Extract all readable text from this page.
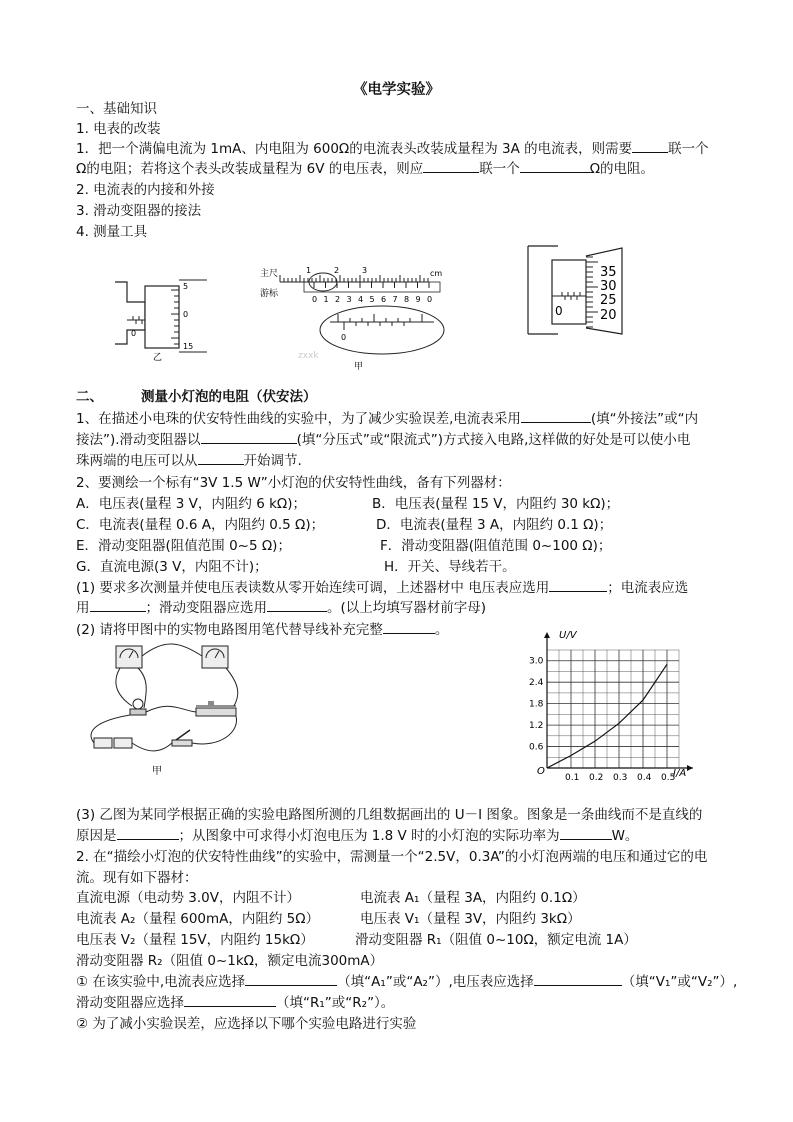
《电学实验》
一、基础知识
1. 电表的改装
1．把一个满偏电流为 1mA、内电阻为 600Ω的电流表头改装成量程为 3A 的电流表，则需要	联一个
Ω的电阻；若将这个表头改装成量程为 6V 的电压表，则应	联一个	Ω的电阻。
2. 电流表的内接和外接
3. 滑动变阻器的接法
4. 测量工具
5
0
15
0
乙
主尺
游标
1	2	3	cm
0 1 2 3 4 5 6 7 8 9 0
0
甲
zxxk
35
30
25
20
0
二、	测量小灯泡的电阻（伏安法）
1、在描述小电珠的伏安特性曲线的实验中，为了减少实验误差,电流表采用	(填“外接法”或“内
接法”).滑动变阻器以	(填“分压式”或“限流式”)方式接入电路,这样做的好处是可以使小电
珠两端的电压可以从	开始调节.
2、要测绘一个标有“3V 1.5 W”小灯泡的伏安特性曲线，备有下列器材：
A．电压表(量程 3 V，内阻约 6 kΩ)；	B．电压表(量程 15 V，内阻约 30 kΩ)；
C．电流表(量程 0.6 A，内阻约 0.5 Ω)；	D．电流表(量程 3 A，内阻约 0.1 Ω)；
E．滑动变阻器(阻值范围 0~5 Ω)；	F．滑动变阻器(阻值范围 0~100 Ω)；
G．直流电源(3 V，内阻不计)；	H．开关、导线若干。
(1) 要求多次测量并使电压表读数从零开始连续可调，上述器材中 电压表应选用	；电流表应选
用	；滑动变阻器应选用	。(以上均填写器材前字母)
(2) 请将甲图中的实物电路图用笔代替导线补充完整	。
甲
0.1 0.2 0.3 0.4 0.5
0.6
1.2
1.8
2.4
3.0
U/V
I/A
O
(3) 乙图为某同学根据正确的实验电路图所测的几组数据画出的 U－I 图象。图象是一条曲线而不是直线的
原因是	；从图象中可求得小灯泡电压为 1.8 V 时的小灯泡的实际功率为	W。
2. 在“描绘小灯泡的伏安特性曲线”的实验中，需测量一个“2.5V，0.3A”的小灯泡两端的电压和通过它的电
流。现有如下器材：
直流电源（电动势 3.0V，内阻不计）	电流表 A₁（量程 3A，内阻约 0.1Ω）
电流表 A₂（量程 600mA，内阻约 5Ω）	电压表 V₁（量程 3V，内阻约 3kΩ）
电压表 V₂（量程 15V，内阻约 15kΩ）	滑动变阻器 R₁（阻值 0~10Ω，额定电流 1A）
滑动变阻器 R₂（阻值 0~1kΩ，额定电流300mA）
① 在该实验中,电流表应选择	（填“A₁”或“A₂”）,电压表应选择	（填“V₁”或“V₂”）,
滑动变阻器应选择	（填“R₁”或“R₂”）。
② 为了减小实验误差，应选择以下哪个实验电路进行实验
